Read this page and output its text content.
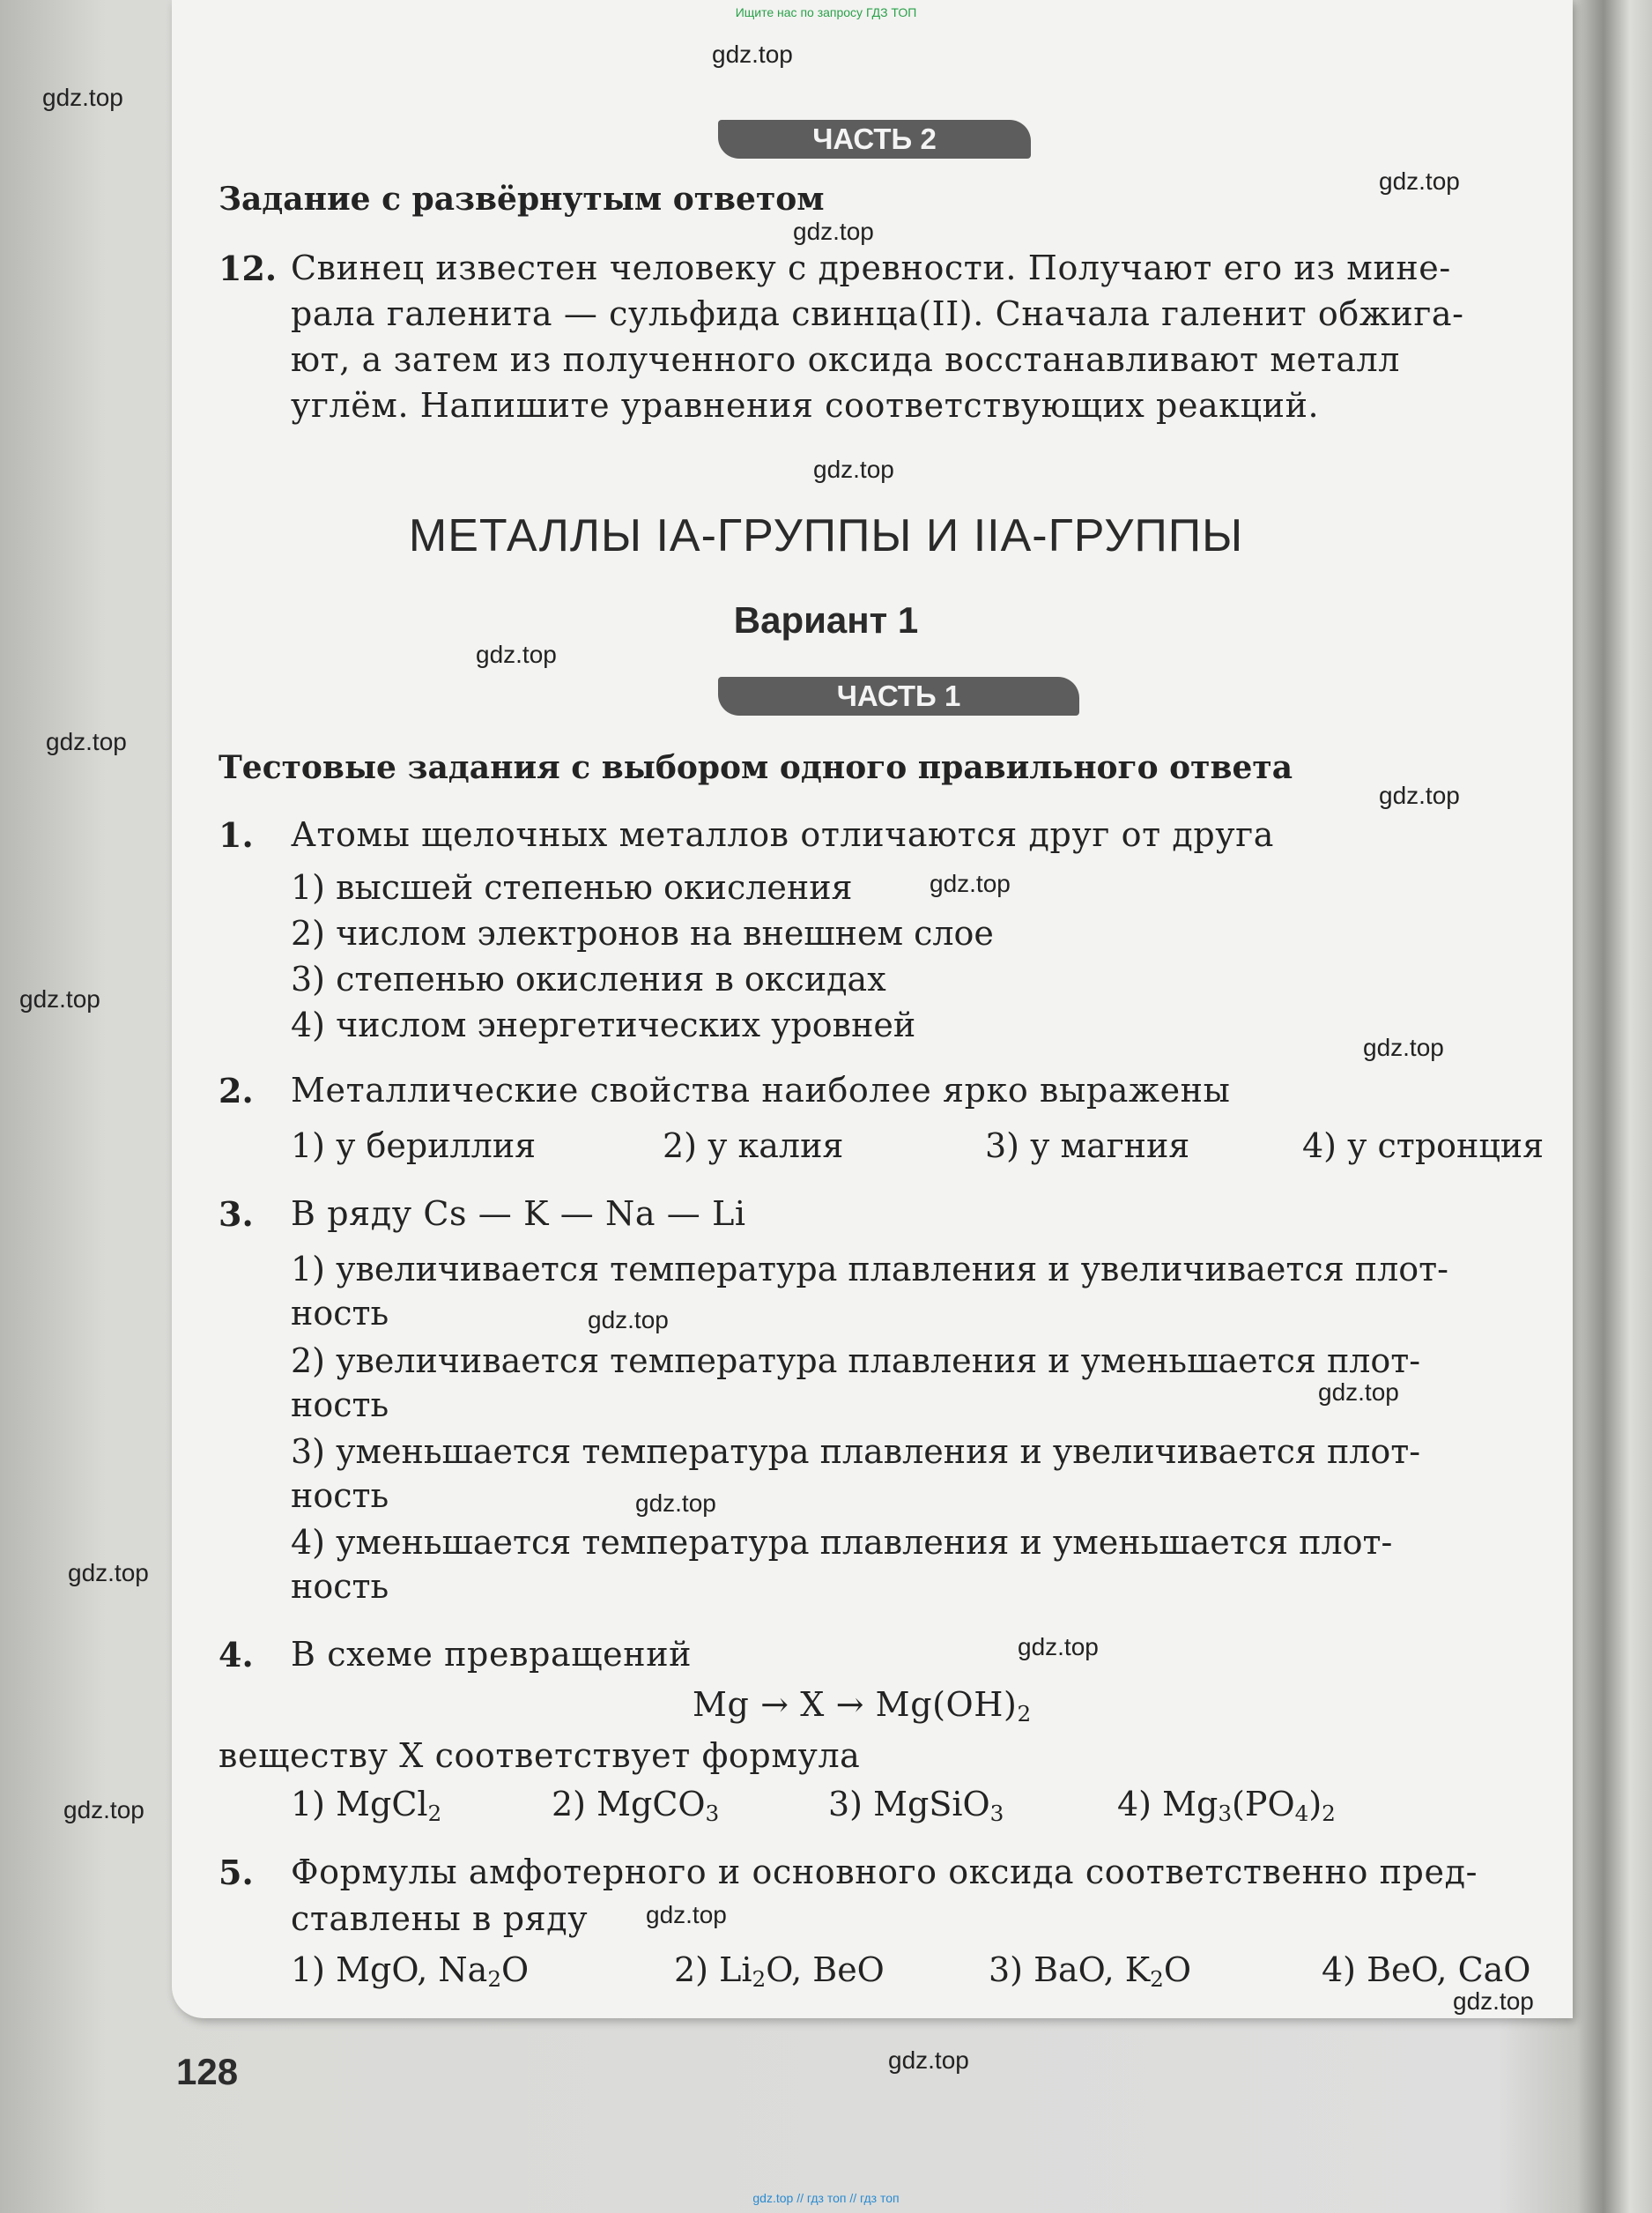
Ищите нас по запросу ГДЗ ТОП
gdz.top
gdz.top
gdz.top
gdz.top
gdz.top
gdz.top
gdz.top
gdz.top
gdz.top
gdz.top
gdz.top
gdz.top
gdz.top
gdz.top
gdz.top
gdz.top
gdz.top
gdz.top
gdz.top
gdz.top
ЧАСТЬ 2
Задание с развёрнутым ответом
12. Свинец известен человеку с древности. Получают его из мине-
рала галенита — сульфида свинца(II). Сначала галенит обжига-
ют, а затем из полученного оксида восстанавливают металл
углём. Напишите уравнения соответствующих реакций.
МЕТАЛЛЫ IA-ГРУППЫ И IIA-ГРУППЫ
Вариант 1
ЧАСТЬ 1
Тестовые задания с выбором одного правильного ответа
1. Атомы щелочных металлов отличаются друг от друга
1) высшей степенью окисления
2) числом электронов на внешнем слое
3) степенью окисления в оксидах
4) числом энергетических уровней
2. Металлические свойства наиболее ярко выражены
1) у бериллия	2) у калия	3) у магния	4) у стронция
3. В ряду Cs — K — Na — Li
1) увеличивается температура плавления и увеличивается плот-
ность
2) увеличивается температура плавления и уменьшается плот-
ность
3) уменьшается температура плавления и увеличивается плот-
ность
4) уменьшается температура плавления и уменьшается плот-
ность
4. В схеме превращений
$Mg \to X \to Mg(OH)_2$
веществу X соответствует формула
1) MgCl$_2$	2) MgCO$_3$	3) MgSiO$_3$	4) $Mg_3(PO_4)_2$
5. Формулы амфотерного и основного оксида соответственно пред-
ставлены в ряду
1) MgO, $Na_2O$	2) $Li_2O$, BeO	3) BaO, $K_2O$	4) BeO, CaO
128
gdz.top // гдз топ // гдз топ
